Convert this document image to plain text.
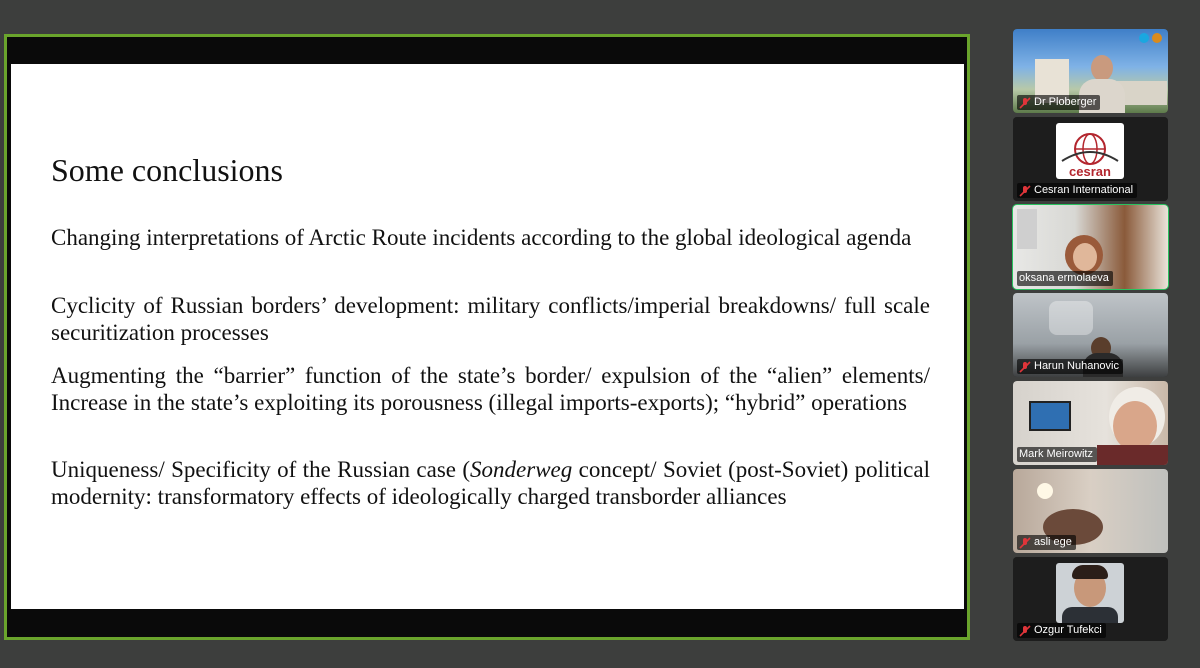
Some conclusions

Changing interpretations of Arctic Route incidents according to the global ideological agenda

Cyclicity of Russian borders’ development: military conflicts/imperial breakdowns/ full scale securitization processes

Augmenting the “barrier” function of the state’s border/ expulsion of the “alien” elements/ Increase in the state’s exploiting its porousness (illegal imports-exports); “hybrid” operations

Uniqueness/ Specificity of the Russian case (Sonderweg concept/ Soviet (post-Soviet) political modernity: transformatory effects of ideologically charged transborder alliances

Dr Ploberger
cesran
Cesran International
oksana ermolaeva
Harun Nuhanovic
Mark Meirowitz
asli ege
Ozgur Tufekci
